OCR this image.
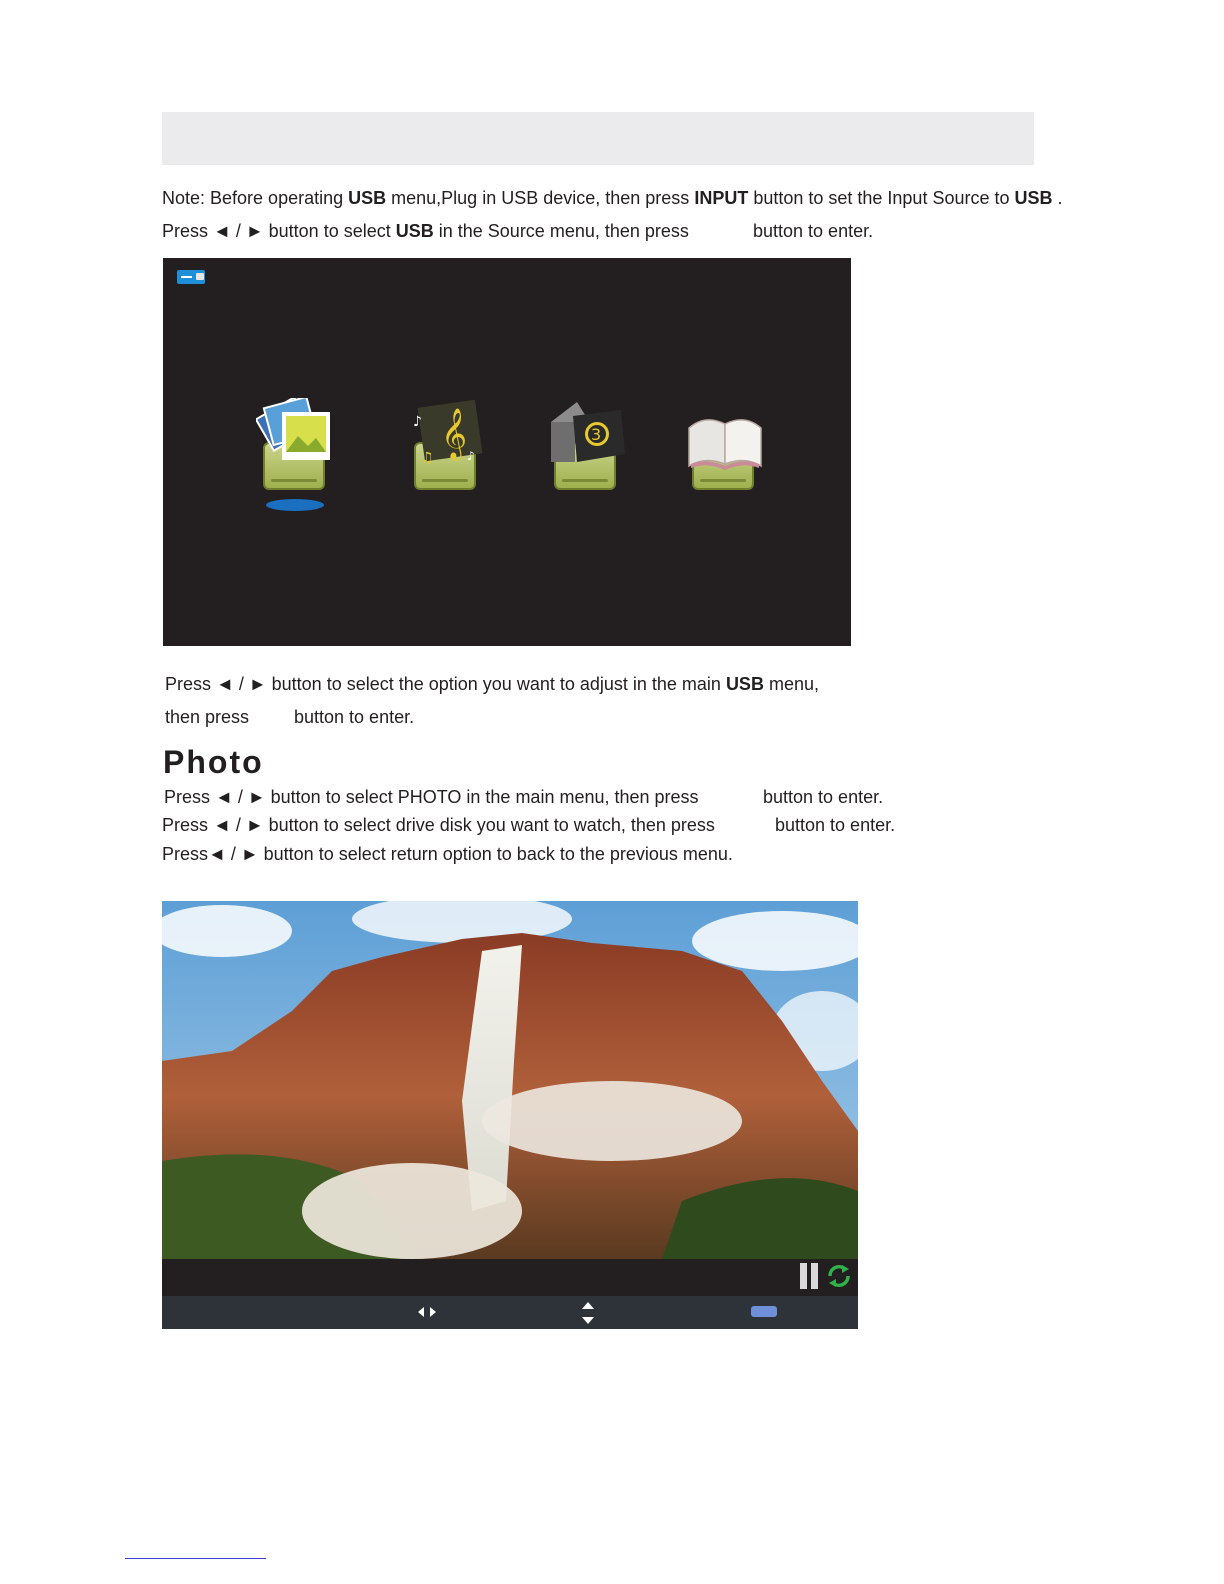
Note: Before operating USB menu,Plug in USB device, then press INPUT button to set the Input Source to USB .
Press ◄ / ► button to select USB in the Source menu, then press	button to enter.
𝄞
♪
♫	♪
3
Press ◄ / ► button to select the option you want to adjust in the main USB menu,
then press button to enter.
Photo
Press ◄ / ► button to select PHOTO in the main menu, then press	button to enter.
Press ◄ / ► button to select drive disk you want to watch, then press	button to enter.
Press◄ / ► button to select return option to back to the previous menu.
